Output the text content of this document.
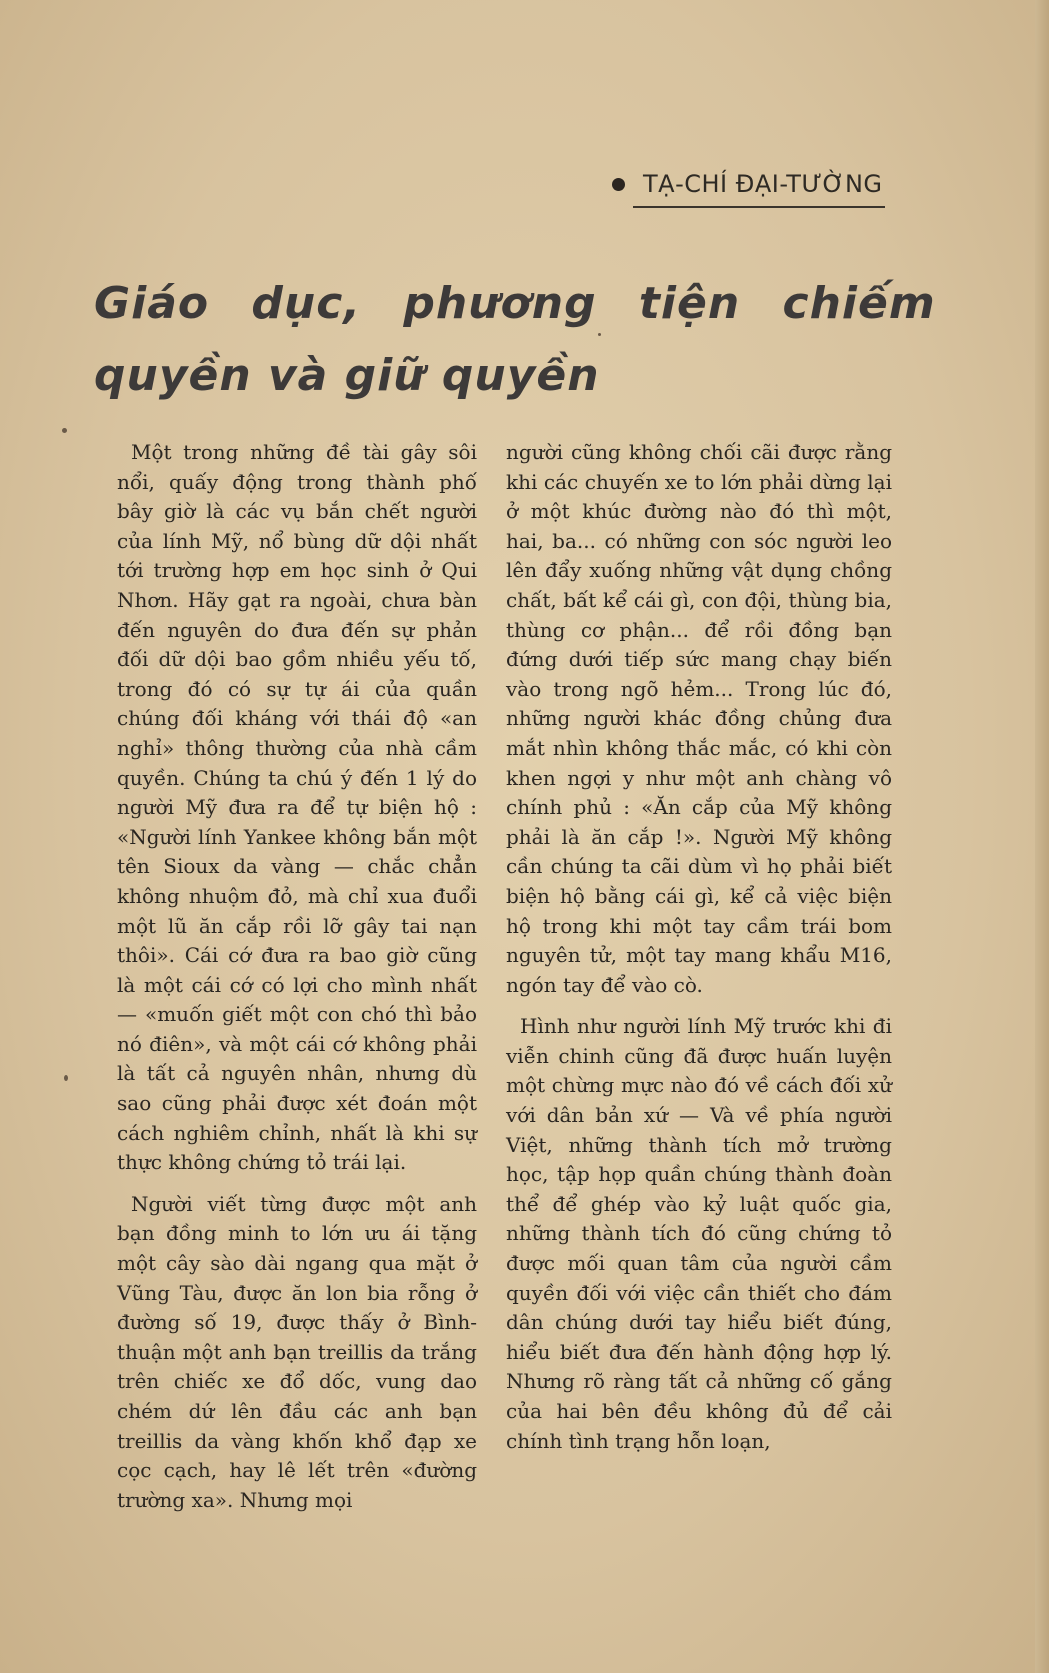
TẠ-CHÍ ĐẠI-TƯỜNG
Giáo dục, phương tiện chiếm
quyền và giữ quyền

Một trong những đề tài gây sôi nổi, quấy động trong thành phố bây giờ là các vụ bắn chết người của lính Mỹ, nổ bùng dữ dội nhất tới trường hợp em học sinh ở Qui Nhơn. Hãy gạt ra ngoài, chưa bàn đến nguyên do đưa đến sự phản đối dữ dội bao gồm nhiều yếu tố, trong đó có sự tự ái của quần chúng đối kháng với thái độ «an nghỉ» thông thường của nhà cầm quyền. Chúng ta chú ý đến 1 lý do người Mỹ đưa ra để tự biện hộ : «Người lính Yankee không bắn một tên Sioux da vàng — chắc chẳn không nhuộm đỏ, mà chỉ xua đuổi một lũ ăn cắp rồi lỡ gây tai nạn thôi». Cái cớ đưa ra bao giờ cũng là một cái cớ có lợi cho mình nhất — «muốn giết một con chó thì bảo nó điên», và một cái cớ không phải là tất cả nguyên nhân, nhưng dù sao cũng phải được xét đoán một cách nghiêm chỉnh, nhất là khi sự thực không chứng tỏ trái lại.

Người viết từng được một anh bạn đồng minh to lớn ưu ái tặng một cây sào dài ngang qua mặt ở Vũng Tàu, được ăn lon bia rỗng ở đường số 19, được thấy ở Bình-thuận một anh bạn treillis da trắng trên chiếc xe đổ dốc, vung dao chém dứ lên đầu các anh bạn treillis da vàng khốn khổ đạp xe cọc cạch, hay lê lết trên «đường trường xa». Nhưng mọi

người cũng không chối cãi được rằng khi các chuyến xe to lớn phải dừng lại ở một khúc đường nào đó thì một, hai, ba... có những con sóc người leo lên đẩy xuống những vật dụng chồng chất, bất kể cái gì, con đội, thùng bia, thùng cơ phận... để rồi đồng bạn đứng dưới tiếp sức mang chạy biến vào trong ngõ hẻm... Trong lúc đó, những người khác đồng chủng đưa mắt nhìn không thắc mắc, có khi còn khen ngợi y như một anh chàng vô chính phủ : «Ăn cắp của Mỹ không phải là ăn cắp !». Người Mỹ không cần chúng ta cãi dùm vì họ phải biết biện hộ bằng cái gì, kể cả việc biện hộ trong khi một tay cầm trái bom nguyên tử, một tay mang khẩu M16, ngón tay để vào cò.

Hình như người lính Mỹ trước khi đi viễn chinh cũng đã được huấn luyện một chừng mực nào đó về cách đối xử với dân bản xứ — Và về phía người Việt, những thành tích mở trường học, tập họp quần chúng thành đoàn thể để ghép vào kỷ luật quốc gia, những thành tích đó cũng chứng tỏ được mối quan tâm của người cầm quyền đối với việc cần thiết cho đám dân chúng dưới tay hiểu biết đúng, hiểu biết đưa đến hành động hợp lý. Nhưng rõ ràng tất cả những cố gắng của hai bên đều không đủ để cải chính tình trạng hỗn loạn,
